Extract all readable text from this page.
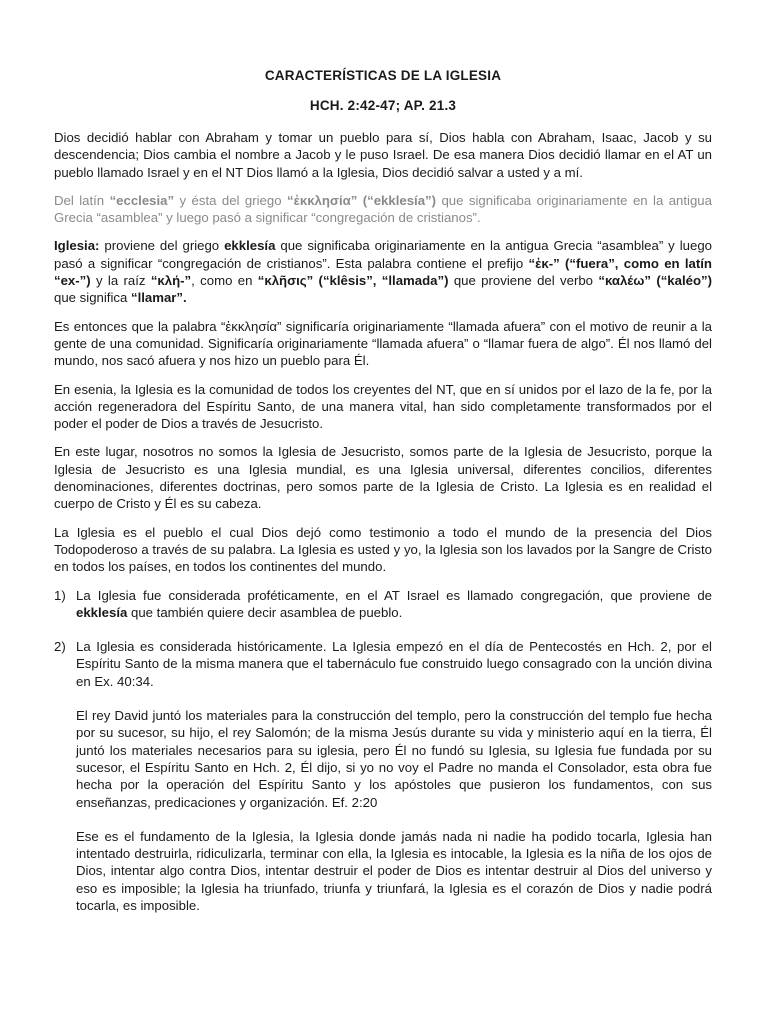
CARACTERÍSTICAS DE LA IGLESIA
HCH. 2:42-47; AP. 21.3

Dios decidió hablar con Abraham y tomar un pueblo para sí, Dios habla con Abraham, Isaac, Jacob y su descendencia; Dios cambia el nombre a Jacob y le puso Israel. De esa manera Dios decidió llamar en el AT un pueblo llamado Israel y en el NT Dios llamó a la Iglesia, Dios decidió salvar a usted y a mí.

Del latín “ecclesia” y ésta del griego “ἐκκλησία” (“ekklesía”) que significaba originariamente en la antigua Grecia “asamblea” y luego pasó a significar “congregación de cristianos”.

Iglesia: proviene del griego ekklesía que significaba originariamente en la antigua Grecia “asamblea” y luego pasó a significar “congregación de cristianos”. Esta palabra contiene el prefijo “ἐκ-” (“fuera”, como en latín “ex-”) y la raíz “κλή-”, como en “κλῆσις” (“klêsis”, “llamada”) que proviene del verbo “καλέω” (“kaléo”) que significa “llamar”.

Es entonces que la palabra “ἐκκλησία” significaría originariamente “llamada afuera” con el motivo de reunir a la gente de una comunidad. Significaría originariamente “llamada afuera” o “llamar fuera de algo”. Él nos llamó del mundo, nos sacó afuera y nos hizo un pueblo para Él.

En esenia, la Iglesia es la comunidad de todos los creyentes del NT, que en sí unidos por el lazo de la fe, por la acción regeneradora del Espíritu Santo, de una manera vital, han sido completamente transformados por el poder el poder de Dios a través de Jesucristo.

En este lugar, nosotros no somos la Iglesia de Jesucristo, somos parte de la Iglesia de Jesucristo, porque la Iglesia de Jesucristo es una Iglesia mundial, es una Iglesia universal, diferentes concilios, diferentes denominaciones, diferentes doctrinas, pero somos parte de la Iglesia de Cristo. La Iglesia es en realidad el cuerpo de Cristo y Él es su cabeza.

La Iglesia es el pueblo el cual Dios dejó como testimonio a todo el mundo de la presencia del Dios Todopoderoso a través de su palabra. La Iglesia es usted y yo, la Iglesia son los lavados por la Sangre de Cristo en todos los países, en todos los continentes del mundo.

1) La Iglesia fue considerada proféticamente, en el AT Israel es llamado congregación, que proviene de ekklesía que también quiere decir asamblea de pueblo.

2) La Iglesia es considerada históricamente. La Iglesia empezó en el día de Pentecostés en Hch. 2, por el Espíritu Santo de la misma manera que el tabernáculo fue construido luego consagrado con la unción divina en Ex. 40:34.

El rey David juntó los materiales para la construcción del templo, pero la construcción del templo fue hecha por su sucesor, su hijo, el rey Salomón; de la misma Jesús durante su vida y ministerio aquí en la tierra, Él juntó los materiales necesarios para su iglesia, pero Él no fundó su Iglesia, su Iglesia fue fundada por su sucesor, el Espíritu Santo en Hch. 2, Él dijo, si yo no voy el Padre no manda el Consolador, esta obra fue hecha por la operación del Espíritu Santo y los apóstoles que pusieron los fundamentos, con sus enseñanzas, predicaciones y organización. Ef. 2:20

Ese es el fundamento de la Iglesia, la Iglesia donde jamás nada ni nadie ha podido tocarla, Iglesia han intentado destruirla, ridiculizarla, terminar con ella, la Iglesia es intocable, la Iglesia es la niña de los ojos de Dios, intentar algo contra Dios, intentar destruir el poder de Dios es intentar destruir al Dios del universo y eso es imposible; la Iglesia ha triunfado, triunfa y triunfará, la Iglesia es el corazón de Dios y nadie podrá tocarla, es imposible.
